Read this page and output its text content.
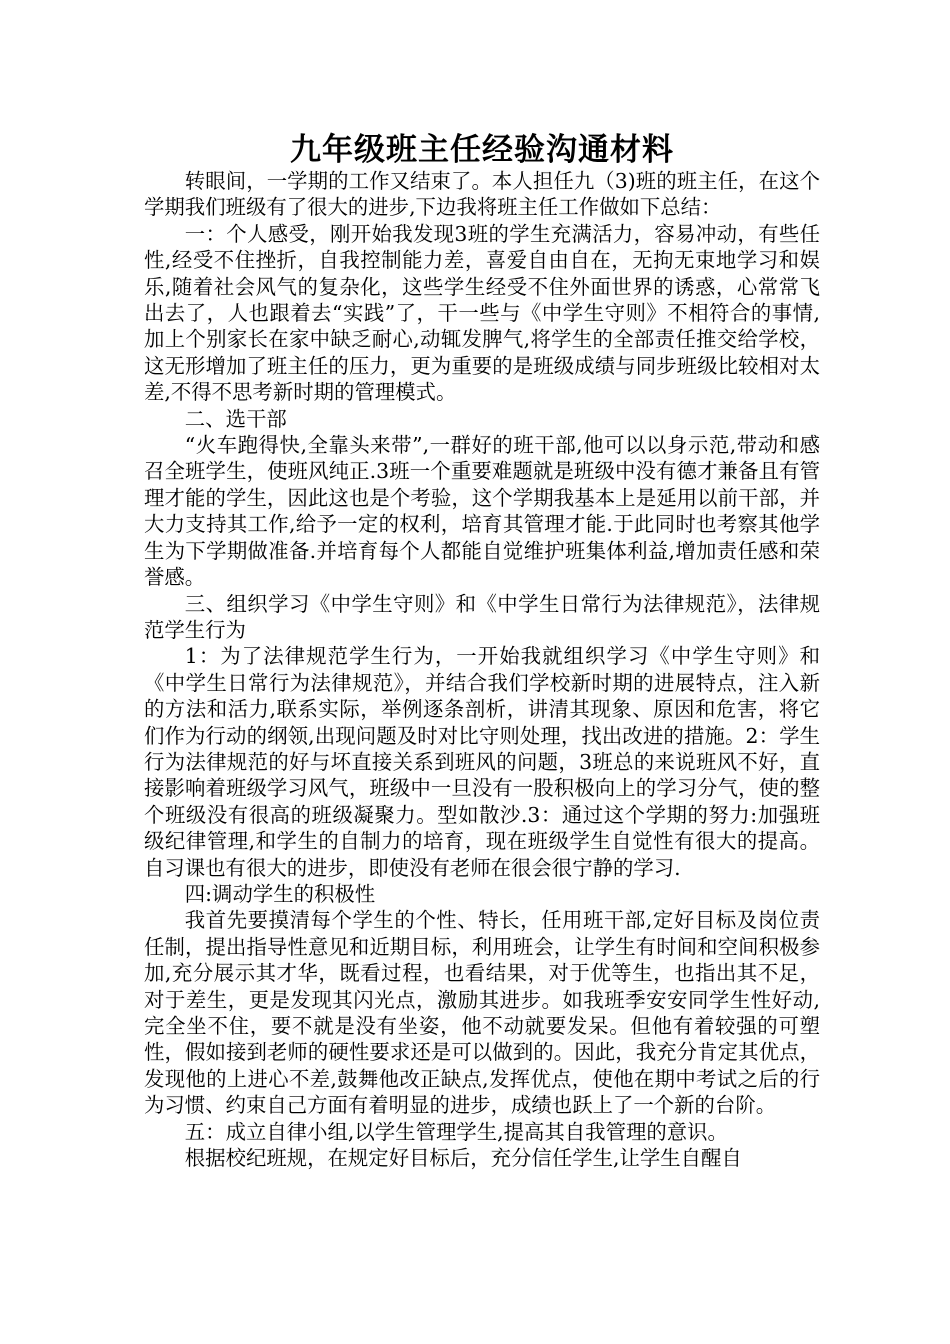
九年级班主任经验沟通材料

转眼间，一学期的工作又结束了。本人担任九（3)班的班主任，在这个学期我们班级有了很大的进步,下边我将班主任工作做如下总结：

一：个人感受，刚开始我发现3班的学生充满活力，容易冲动，有些任性,经受不住挫折，自我控制能力差，喜爱自由自在，无拘无束地学习和娱乐,随着社会风气的复杂化，这些学生经受不住外面世界的诱惑，心常常飞出去了，人也跟着去“实践”了，干一些与《中学生守则》不相符合的事情,加上个别家长在家中缺乏耐心,动辄发脾气,将学生的全部责任推交给学校，这无形增加了班主任的压力，更为重要的是班级成绩与同步班级比较相对太差,不得不思考新时期的管理模式。

二、选干部

“火车跑得快,全靠头来带”,一群好的班干部,他可以以身示范,带动和感召全班学生，使班风纯正.3班一个重要难题就是班级中没有德才兼备且有管理才能的学生，因此这也是个考验，这个学期我基本上是延用以前干部，并大力支持其工作,给予一定的权利，培育其管理才能.于此同时也考察其他学生为下学期做准备.并培育每个人都能自觉维护班集体利益,增加责任感和荣誉感。

三、组织学习《中学生守则》和《中学生日常行为法律规范》，法律规范学生行为

1：为了法律规范学生行为，一开始我就组织学习《中学生守则》和《中学生日常行为法律规范》，并结合我们学校新时期的进展特点，注入新的方法和活力,联系实际，举例逐条剖析，讲清其现象、原因和危害，将它们作为行动的纲领,出现问题及时对比守则处理，找出改进的措施。2：学生行为法律规范的好与坏直接关系到班风的问题，3班总的来说班风不好，直接影响着班级学习风气，班级中一旦没有一股积极向上的学习分气，使的整个班级没有很高的班级凝聚力。型如散沙.3：通过这个学期的努力:加强班级纪律管理,和学生的自制力的培育，现在班级学生自觉性有很大的提高。自习课也有很大的进步，即使没有老师在很会很宁静的学习.

四:调动学生的积极性

我首先要摸清每个学生的个性、特长，任用班干部,定好目标及岗位责任制，提出指导性意见和近期目标，利用班会，让学生有时间和空间积极参加,充分展示其才华，既看过程，也看结果，对于优等生，也指出其不足，对于差生，更是发现其闪光点，激励其进步。如我班季安安同学生性好动,完全坐不住，要不就是没有坐姿，他不动就要发呆。但他有着较强的可塑性，假如接到老师的硬性要求还是可以做到的。因此，我充分肯定其优点，发现他的上进心不差,鼓舞他改正缺点,发挥优点，使他在期中考试之后的行为习惯、约束自己方面有着明显的进步，成绩也跃上了一个新的台阶。

五：成立自律小组,以学生管理学生,提高其自我管理的意识。

根据校纪班规，在规定好目标后，充分信任学生,让学生自醒自
